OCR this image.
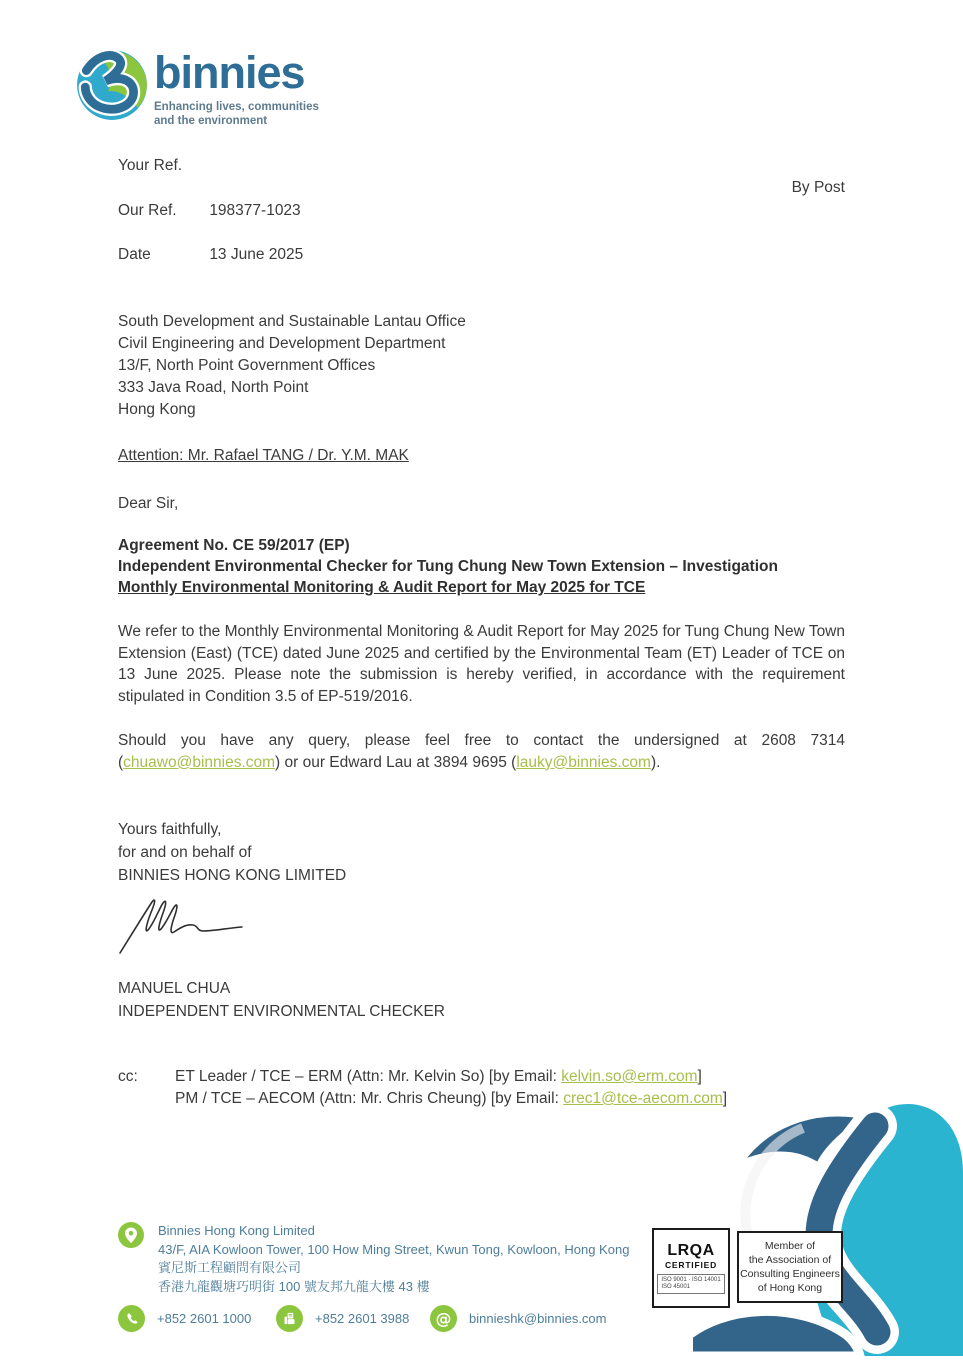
binnies
Enhancing lives, communities
and the environment
Your Ref.
By Post
Our Ref. 198377-1023
Date	13 June 2025
South Development and Sustainable Lantau Office
Civil Engineering and Development Department
13/F, North Point Government Offices
333 Java Road, North Point
Hong Kong
Attention: Mr. Rafael TANG / Dr. Y.M. MAK
Dear Sir,
Agreement No. CE 59/2017 (EP)
Independent Environmental Checker for Tung Chung New Town Extension – Investigation
Monthly Environmental Monitoring & Audit Report for May 2025 for TCE
We refer to the Monthly Environmental Monitoring & Audit Report for May 2025 for Tung Chung New Town Extension (East) (TCE) dated June 2025 and certified by the Environmental Team (ET) Leader of TCE on 13 June 2025. Please note the submission is hereby verified, in accordance with the requirement stipulated in Condition 3.5 of EP-519/2016.
Should you have any query, please feel free to contact the undersigned at 2608 7314 (chuawo@binnies.com) or our Edward Lau at 3894 9695 (lauky@binnies.com).
Yours faithfully,
for and on behalf of
BINNIES HONG KONG LIMITED
MANUEL CHUA
INDEPENDENT ENVIRONMENTAL CHECKER
cc:	ET Leader / TCE – ERM (Attn: Mr. Kelvin So) [by Email: kelvin.so@erm.com]
PM / TCE – AECOM (Attn: Mr. Chris Cheung) [by Email: crec1@tce-aecom.com]
Binnies Hong Kong Limited
43/F, AIA Kowloon Tower, 100 How Ming Street, Kwun Tong, Kowloon, Hong Kong
賓尼斯工程顧問有限公司
香港九龍觀塘巧明街 100 號友邦九龍大樓 43 樓
+852 2601 1000	+852 2601 3988 @ binnieshk@binnies.com
LRQA
CERTIFIED
ISO 9001 · ISO 14001
ISO 45001
Member of
the Association of
Consulting Engineers
of Hong Kong
